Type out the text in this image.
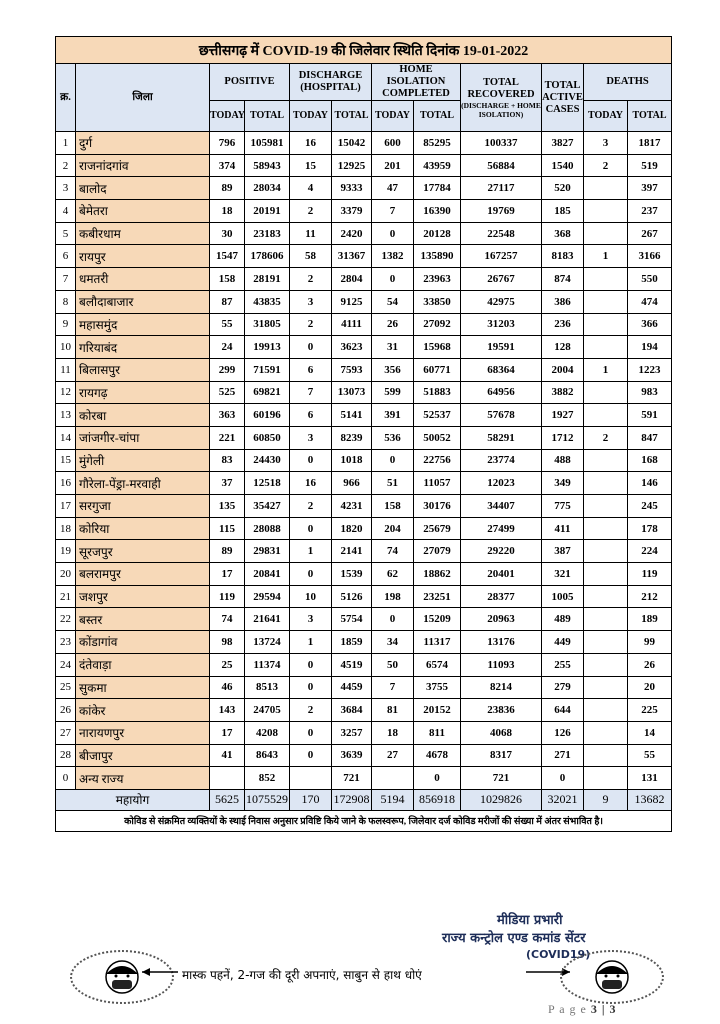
छत्तीसगढ़ में COVID-19 की जिलेवार स्थिति दिनांक 19-01-2022											
क्र.	जिला	POSITIVE		DISCHARGE (HOSPITAL)		HOME ISOLATION COMPLETED		TOTAL RECOVERED
(DISCHARGE + HOME ISOLATION)	TOTAL ACTIVE CASES	DEATHS	
		TODAY	TOTAL	TODAY	TOTAL	TODAY	TOTAL			TODAY	TOTAL
1	दुर्ग	796	105981	16	15042	600	85295	100337	3827	3	1817
2	राजनांदगांव	374	58943	15	12925	201	43959	56884	1540	2	519
3	बालोद	89	28034	4	9333	47	17784	27117	520		397
4	बेमेतरा	18	20191	2	3379	7	16390	19769	185		237
5	कबीरधाम	30	23183	11	2420	0	20128	22548	368		267
6	रायपुर	1547	178606	58	31367	1382	135890	167257	8183	1	3166
7	धमतरी	158	28191	2	2804	0	23963	26767	874		550
8	बलौदाबाजार	87	43835	3	9125	54	33850	42975	386		474
9	महासमुंद	55	31805	2	4111	26	27092	31203	236		366
10	गरियाबंद	24	19913	0	3623	31	15968	19591	128		194
11	बिलासपुर	299	71591	6	7593	356	60771	68364	2004	1	1223
12	रायगढ़	525	69821	7	13073	599	51883	64956	3882		983
13	कोरबा	363	60196	6	5141	391	52537	57678	1927		591
14	जांजगीर-चांपा	221	60850	3	8239	536	50052	58291	1712	2	847
15	मुंगेली	83	24430	0	1018	0	22756	23774	488		168
16	गौरेला-पेंड्रा-मरवाही	37	12518	16	966	51	11057	12023	349		146
17	सरगुजा	135	35427	2	4231	158	30176	34407	775		245
18	कोरिया	115	28088	0	1820	204	25679	27499	411		178
19	सूरजपुर	89	29831	1	2141	74	27079	29220	387		224
20	बलरामपुर	17	20841	0	1539	62	18862	20401	321		119
21	जशपुर	119	29594	10	5126	198	23251	28377	1005		212
22	बस्तर	74	21641	3	5754	0	15209	20963	489		189
23	कोंडागांव	98	13724	1	1859	34	11317	13176	449		99
24	दंतेवाड़ा	25	11374	0	4519	50	6574	11093	255		26
25	सुकमा	46	8513	0	4459	7	3755	8214	279		20
26	कांकेर	143	24705	2	3684	81	20152	23836	644		225
27	नारायणपुर	17	4208	0	3257	18	811	4068	126		14
28	बीजापुर	41	8643	0	3639	27	4678	8317	271		55
0	अन्य राज्य		852		721		0	721	0		131
महायोग		5625	1075529	170	172908	5194	856918	1029826	32021	9	13682
कोविड से संक्रमित व्यक्तियों के स्थाई निवास अनुसार प्रविष्टि किये जाने के फलस्वरूप, जिलेवार दर्ज कोविड मरीजों की संख्या में अंतर संभावित है।											
मीडिया प्रभारी
राज्य कन्ट्रोल एण्ड कमांड सेंटर
(COVID19)
मास्क पहनें, 2-गज की दूरी अपनाएं, साबुन से हाथ धोएं
P a g e 3 | 3
